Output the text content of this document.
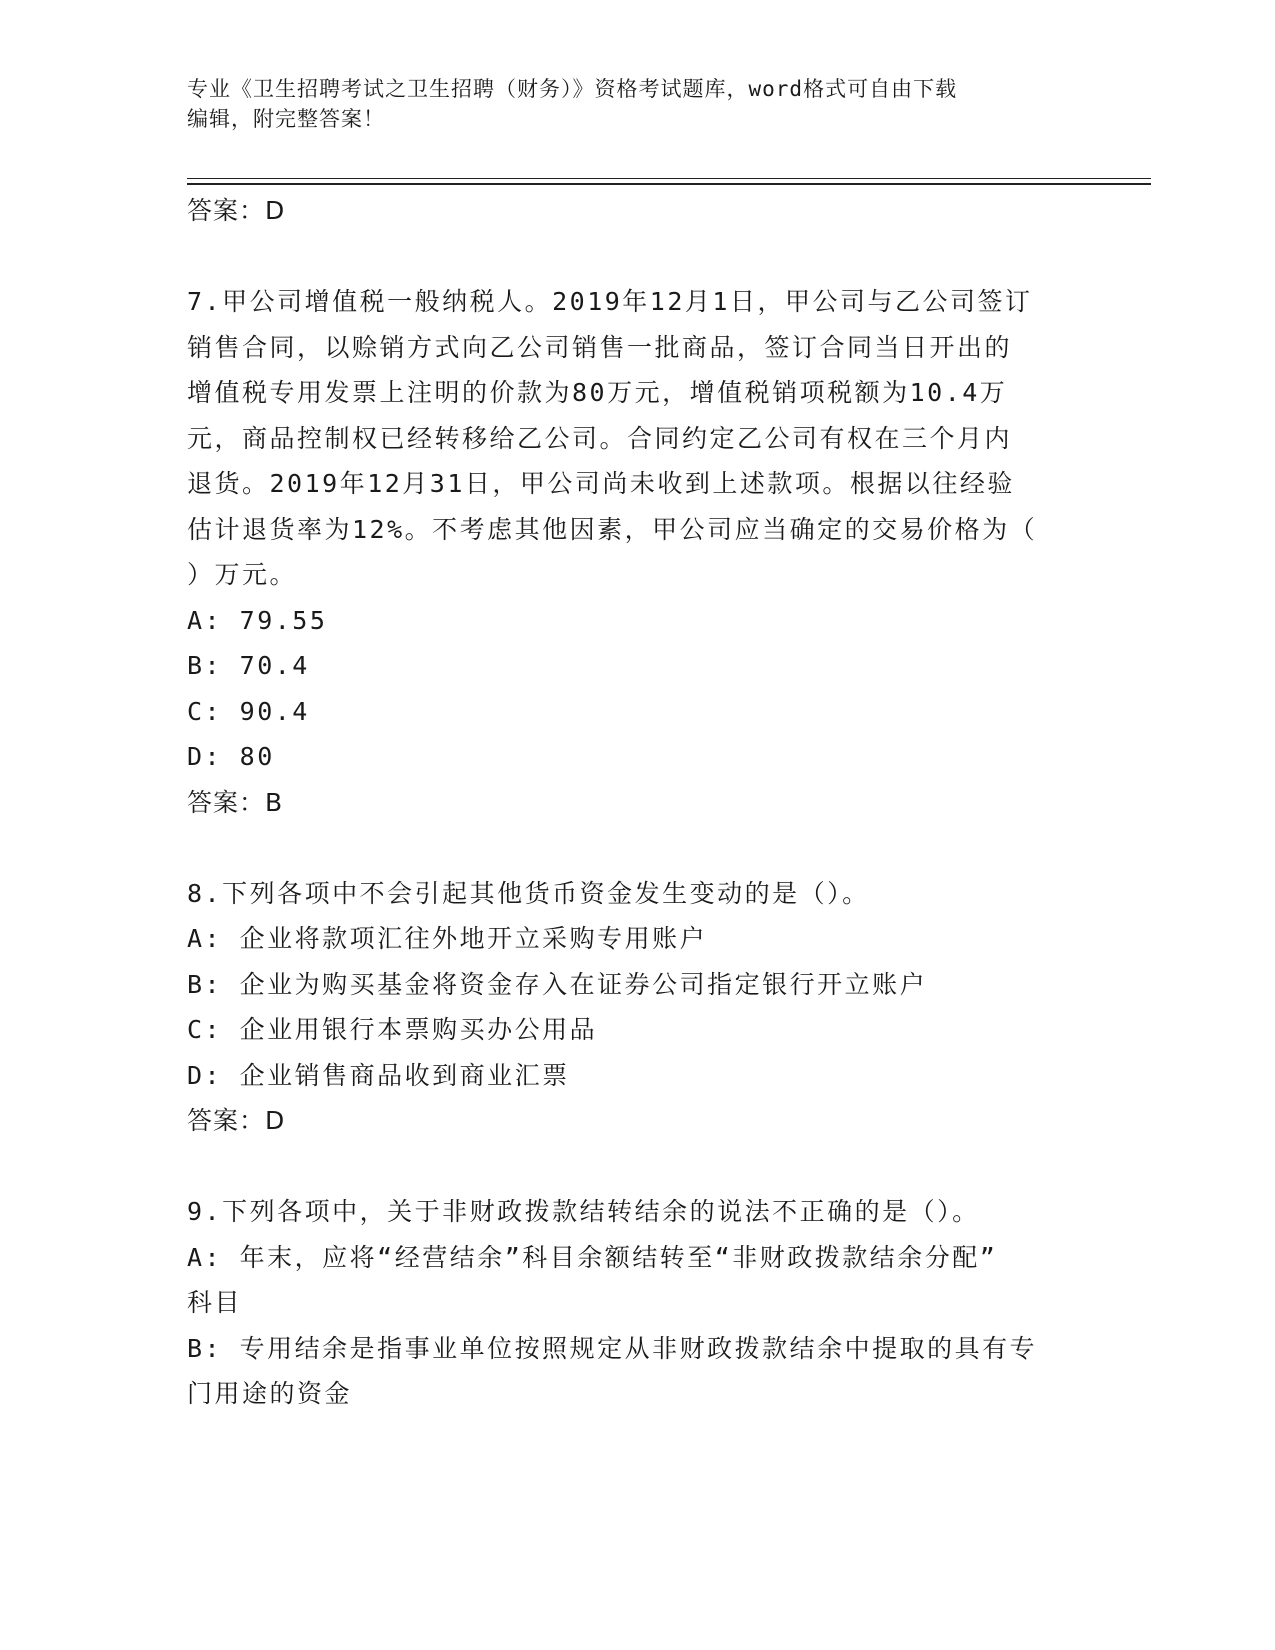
专业《卫生招聘考试之卫生招聘（财务）》资格考试题库，word格式可自由下载
编辑，附完整答案！
答案：D
7.甲公司增值税一般纳税人。2019年12月1日，甲公司与乙公司签订
销售合同，以赊销方式向乙公司销售一批商品，签订合同当日开出的
增值税专用发票上注明的价款为80万元，增值税销项税额为10.4万
元，商品控制权已经转移给乙公司。合同约定乙公司有权在三个月内
退货。2019年12月31日，甲公司尚未收到上述款项。根据以往经验
估计退货率为12%。不考虑其他因素，甲公司应当确定的交易价格为（
）万元。
A: 79.55
B: 70.4
C: 90.4
D: 80
答案：B
8.下列各项中不会引起其他货币资金发生变动的是（）。
A: 企业将款项汇往外地开立采购专用账户
B: 企业为购买基金将资金存入在证券公司指定银行开立账户
C: 企业用银行本票购买办公用品
D: 企业销售商品收到商业汇票
答案：D
9.下列各项中，关于非财政拨款结转结余的说法不正确的是（）。
A: 年末，应将“经营结余”科目余额结转至“非财政拨款结余分配”
科目
B: 专用结余是指事业单位按照规定从非财政拨款结余中提取的具有专
门用途的资金
